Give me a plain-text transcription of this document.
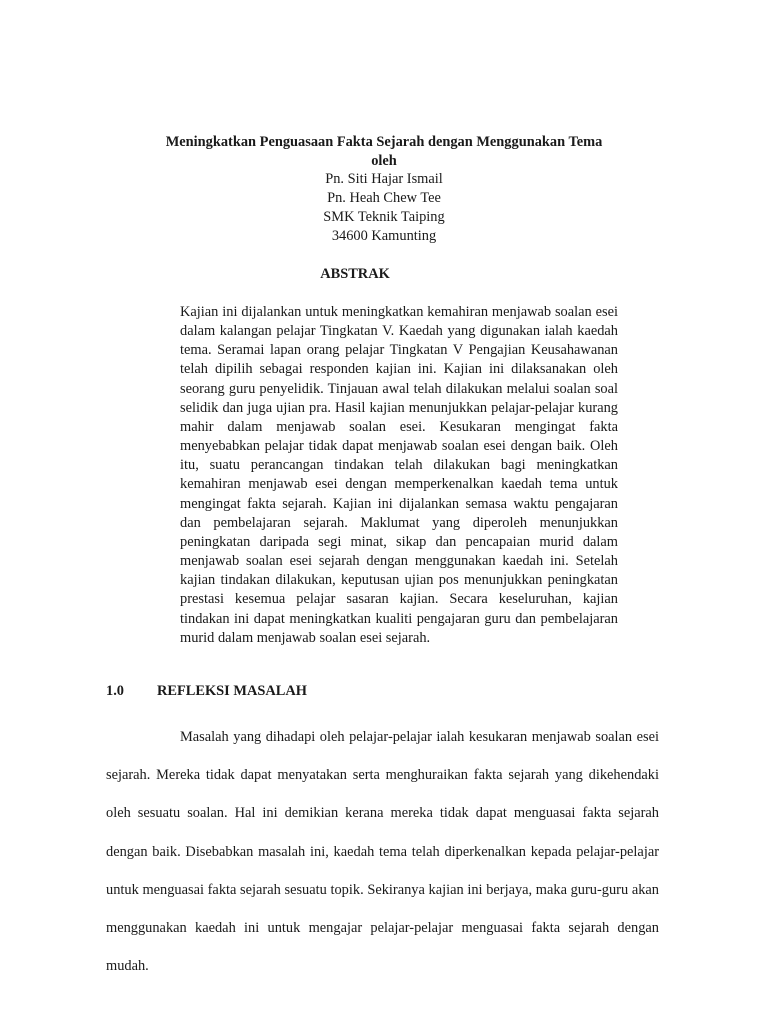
Meningkatkan Penguasaan Fakta Sejarah dengan Menggunakan Tema
oleh
Pn. Siti Hajar Ismail
Pn. Heah Chew Tee
SMK Teknik Taiping
34600 Kamunting
ABSTRAK

Kajian ini dijalankan untuk meningkatkan kemahiran menjawab soalan esei dalam kalangan pelajar Tingkatan V. Kaedah yang digunakan ialah kaedah tema. Seramai lapan orang pelajar Tingkatan V Pengajian Keusahawanan telah dipilih sebagai responden kajian ini. Kajian ini dilaksanakan oleh seorang guru penyelidik. Tinjauan awal telah dilakukan melalui soalan soal selidik dan juga ujian pra. Hasil kajian menunjukkan pelajar-pelajar kurang mahir dalam menjawab soalan esei. Kesukaran mengingat fakta menyebabkan pelajar tidak dapat menjawab soalan esei dengan baik. Oleh itu, suatu perancangan tindakan telah dilakukan bagi meningkatkan kemahiran menjawab esei dengan memperkenalkan kaedah tema untuk mengingat fakta sejarah. Kajian ini dijalankan semasa waktu pengajaran dan pembelajaran sejarah. Maklumat yang diperoleh menunjukkan peningkatan daripada segi minat, sikap dan pencapaian murid dalam menjawab soalan esei sejarah dengan menggunakan kaedah ini. Setelah kajian tindakan dilakukan, keputusan ujian pos menunjukkan peningkatan prestasi kesemua pelajar sasaran kajian. Secara keseluruhan, kajian tindakan ini dapat meningkatkan kualiti pengajaran guru dan pembelajaran murid dalam menjawab soalan esei sejarah.

1.0 REFLEKSI MASALAH

Masalah yang dihadapi oleh pelajar-pelajar ialah kesukaran menjawab soalan esei sejarah. Mereka tidak dapat menyatakan serta menghuraikan fakta sejarah yang dikehendaki oleh sesuatu soalan. Hal ini demikian kerana mereka tidak dapat menguasai fakta sejarah dengan baik. Disebabkan masalah ini, kaedah tema telah diperkenalkan kepada pelajar-pelajar untuk menguasai fakta sejarah sesuatu topik. Sekiranya kajian ini berjaya, maka guru-guru akan menggunakan kaedah ini untuk mengajar pelajar-pelajar menguasai fakta sejarah dengan mudah.
